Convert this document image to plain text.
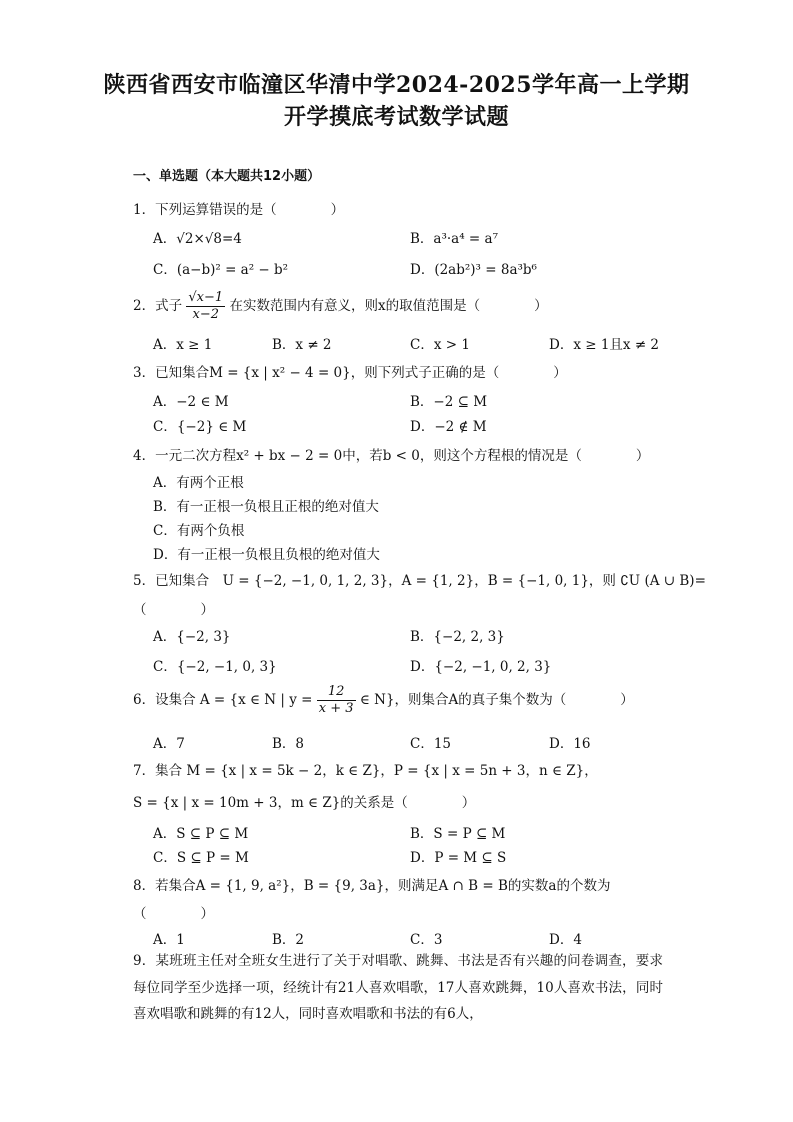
陕西省西安市临潼区华清中学2024-2025学年高一上学期
开学摸底考试数学试题
一、单选题（本大题共12小题）
1．下列运算错误的是（　　　　）
A．√2×√8=4	B．a³·a⁴ = a⁷
C．(a−b)² = a² − b²	D．(2ab²)³ = 8a³b⁶
2．式子 $\frac{√x-1}{x-2}$ 在实数范围内有意义，则x的取值范围是（　　　　）
A．x ≥ 1	B．x ≠ 2	C．x > 1	D．x ≥ 1且x ≠ 2
3．已知集合M = {x | x² − 4 = 0}，则下列式子正确的是（　　　　）
A．−2 ∈ M	B．−2 ⊆ M
C．{−2} ∈ M	D．−2 ∉ M
4．一元二次方程x² + bx − 2 = 0中，若b < 0，则这个方程根的情况是（　　　　）
A．有两个正根
B．有一正根一负根且正根的绝对值大
C．有两个负根
D．有一正根一负根且负根的绝对值大
5．已知集合　U = {−2, −1, 0, 1, 2, 3}，A = {1, 2}，B = {−1, 0, 1}，则 ∁U (A ∪ B)=
（　　　　）
A．{−2, 3}	B．{−2, 2, 3}
C．{−2, −1, 0, 3}	D．{−2, −1, 0, 2, 3}
6．设集合 A = {x ∈ N | $y = \frac{12}{x + 3}$ ∈ N}，则集合A的真子集个数为（　　　　）
A．7	B．8	C．15	D．16
7．集合 M = {x | x = 5k − 2，k ∈ Z}，P = {x | x = 5n + 3，n ∈ Z}，
S = {x | x = 10m + 3，m ∈ Z}的关系是（　　　　）
A．S ⊆ P ⊆ M	B．S = P ⊆ M
C．S ⊆ P = M	D．P = M ⊆ S
8．若集合A = {1, 9, a²}，B = {9, 3a}，则满足A ∩ B = B的实数a的个数为
（　　　　）
A．1	B．2	C．3	D．4
9．某班班主任对全班女生进行了关于对唱歌、跳舞、书法是否有兴趣的问卷调查，要求每位同学至少选择一项，经统计有21人喜欢唱歌，17人喜欢跳舞，10人喜欢书法，同时喜欢唱歌和跳舞的有12人，同时喜欢唱歌和书法的有6人，
